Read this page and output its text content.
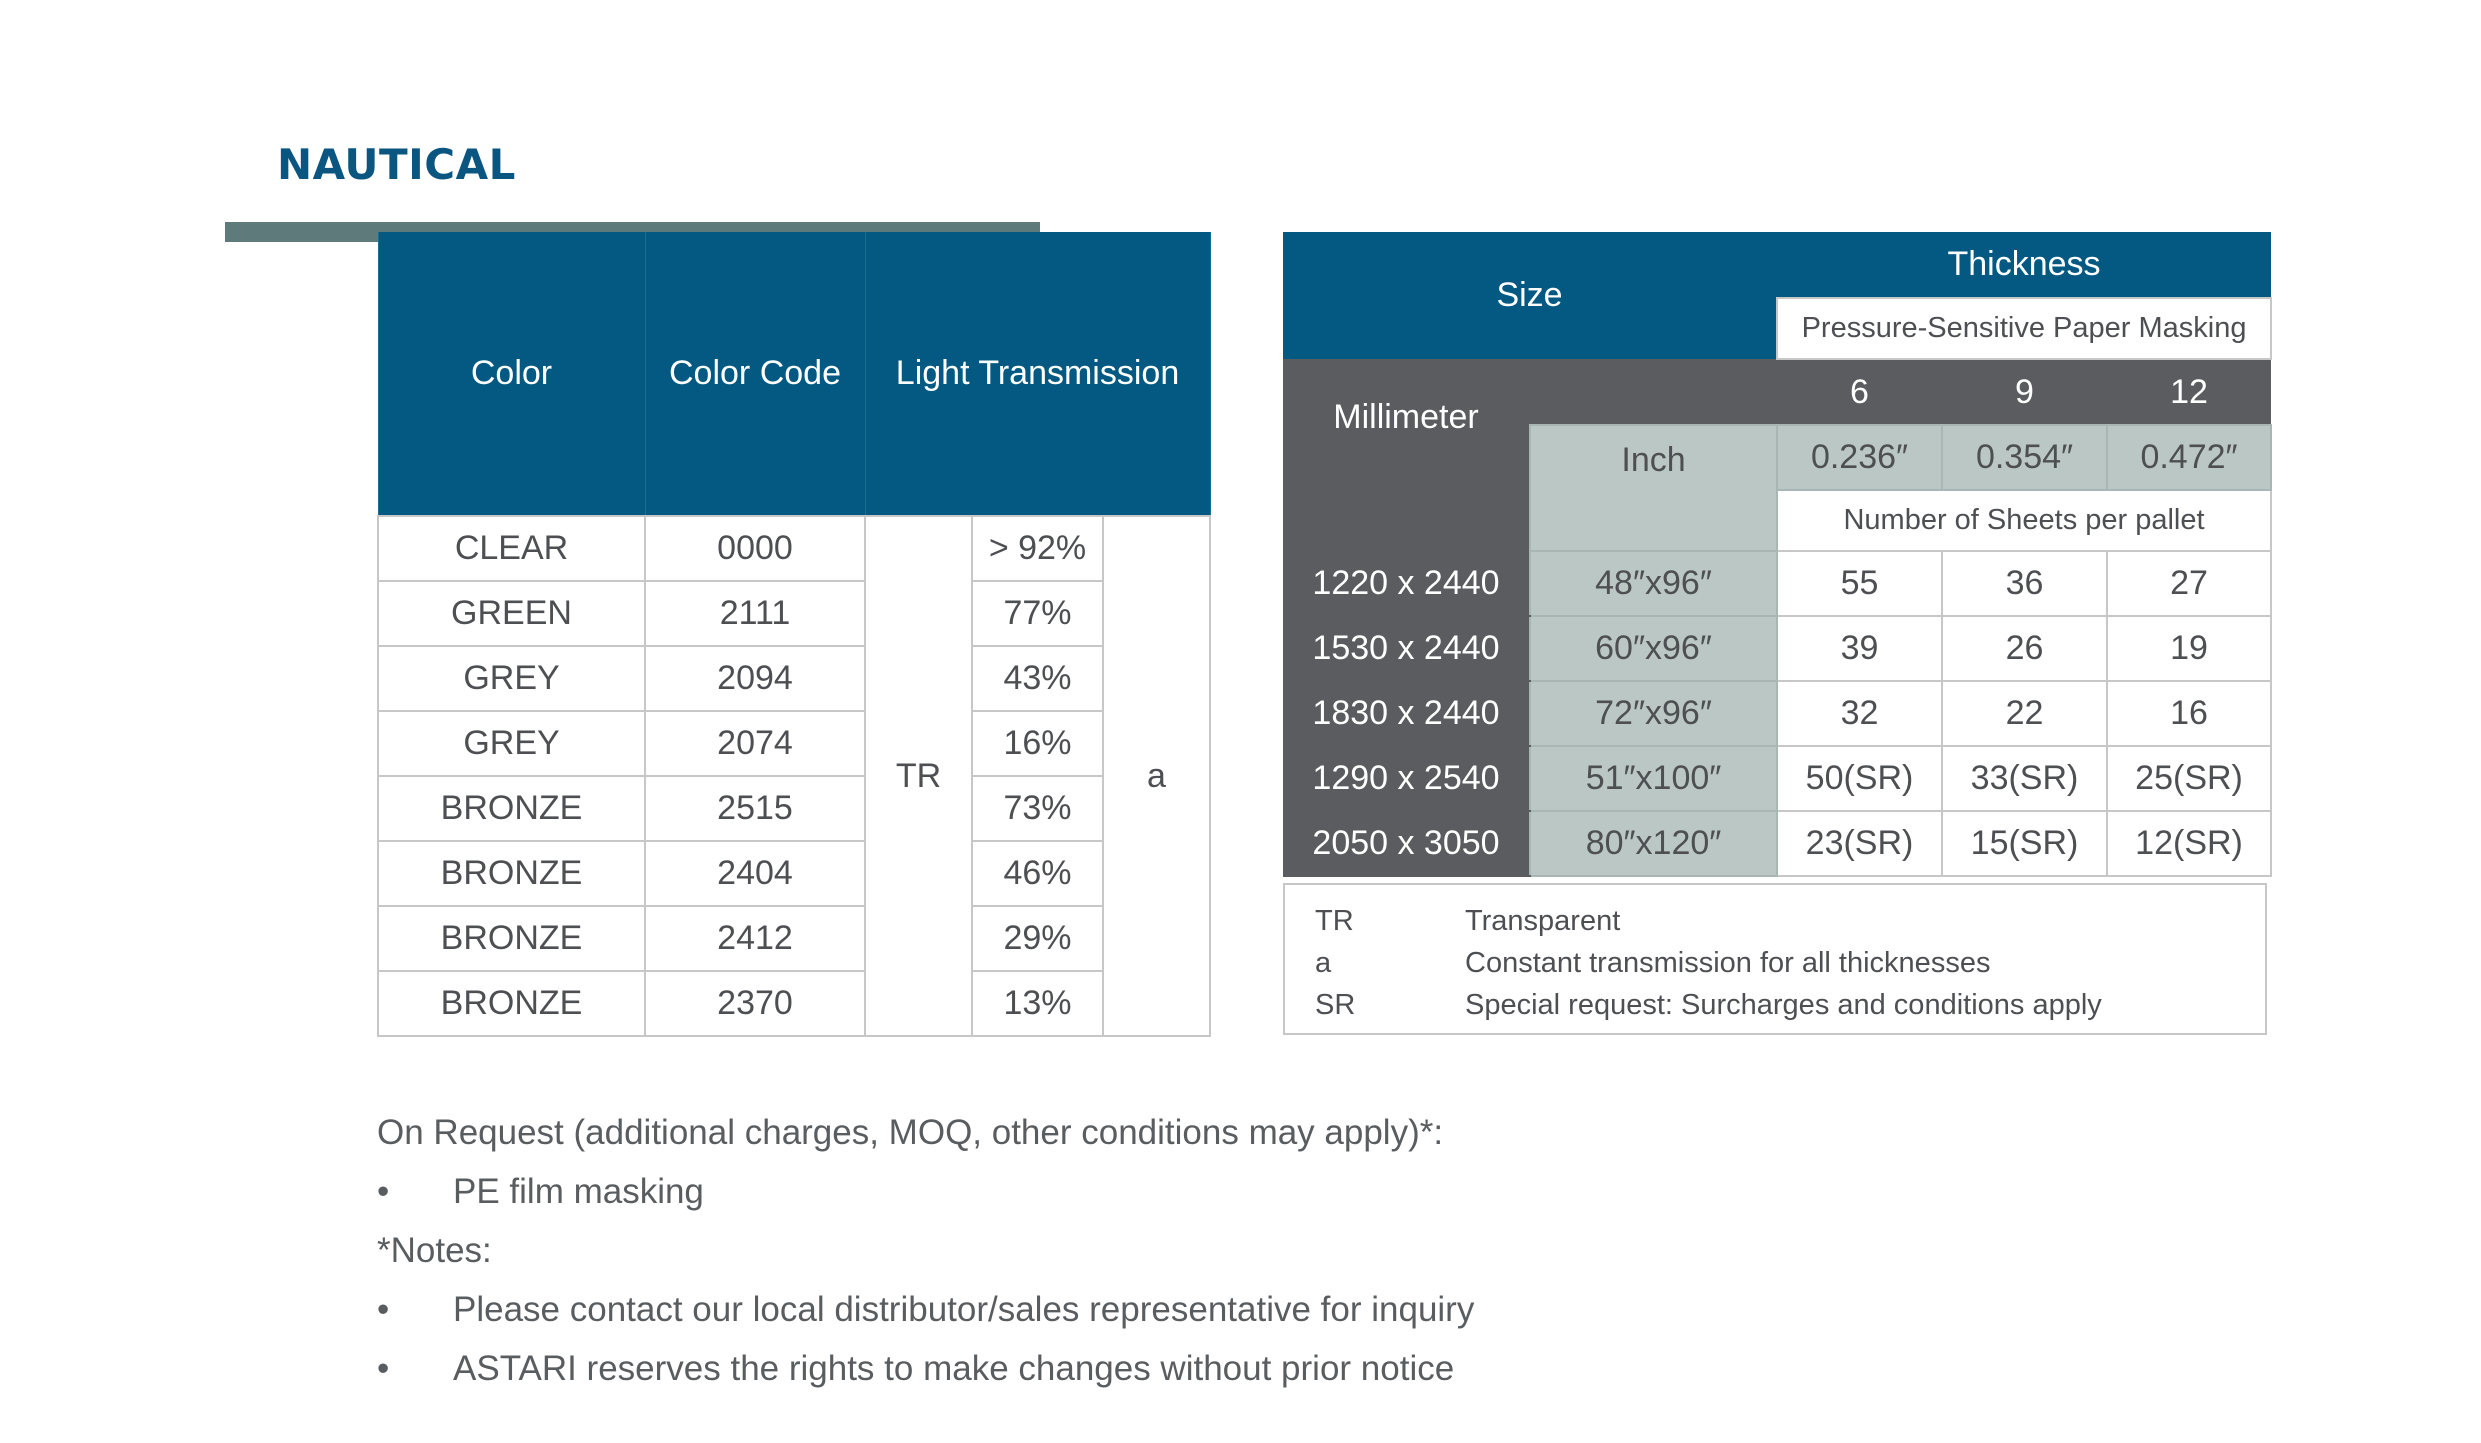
NAUTICAL
Color	Color Code	Light Transmission		
CLEAR	0000	TR	> 92%	a
GREEN	2111		77%	
GREY	2094		43%	
GREY	2074		16%	
BRONZE	2515		73%	
BRONZE	2404		46%	
BRONZE	2412		29%	
BRONZE	2370		13%	
Size		Thickness		
		Pressure-Sensitive Paper Masking		
Millimeter		6	9	12
	Inch	0.236″	0.354″	0.472″
		Number of Sheets per pallet		
1220 x 2440	48″x96″	55	36	27
1530 x 2440	60″x96″	39	26	19
1830 x 2440	72″x96″	32	22	16
1290 x 2540	51″x100″	50(SR)	33(SR)	25(SR)
2050 x 3050	80″x120″	23(SR)	15(SR)	12(SR)
TR	Transparent
a	Constant transmission for all thicknesses
SR	Special request: Surcharges and conditions apply
On Request (additional charges, MOQ, other conditions may apply)*:
• PE film masking
*Notes:
• Please contact our local distributor/sales representative for inquiry
• ASTARI reserves the rights to make changes without prior notice
